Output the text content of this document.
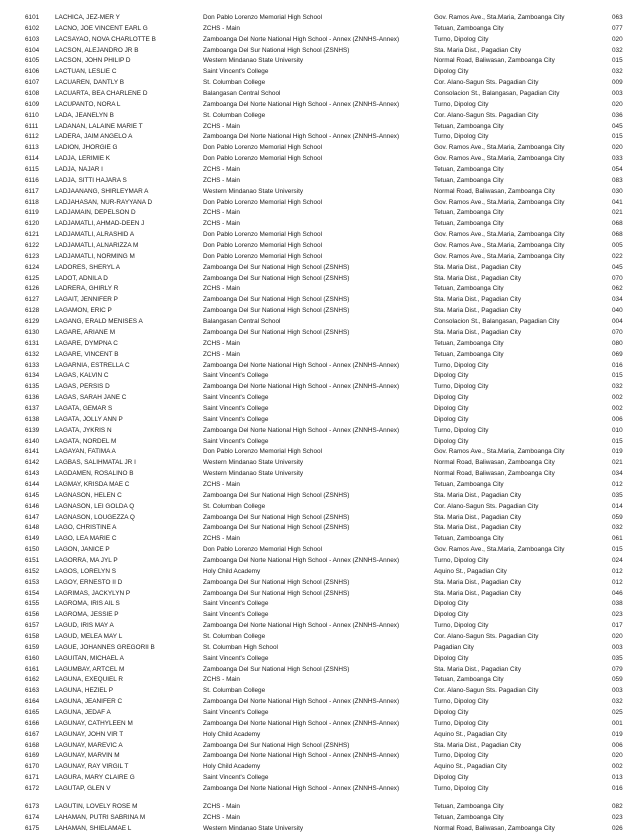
6101	LACHICA, JEZ-MER Y	Don Pablo Lorenzo Memorial High School	Gov. Ramos Ave., Sta.Maria, Zamboanga City	063
6102	LACNO, JOE VINCENT EARL G	ZCHS - Main	Tetuan, Zamboanga City	077
6103	LACSAYAO, NOVA CHARLOTTE B	Zamboanga Del Norte National High School - Annex (ZNNHS-Annex)	Turno, Dipolog City	020
6104	LACSON, ALEJANDRO JR B	Zamboanga Del Sur National High School (ZSNHS)	Sta. Maria Dist., Pagadian City	032
6105	LACSON, JOHN PHILIP D	Western Mindanao State University	Normal Road, Baliwasan, Zamboanga City	015
6106	LACTUAN, LESLIE C	Saint Vincent's College	Dipolog City	032
6107	LACUAREN, DANTLY B	St. Columban College	Cor. Alano-Sagun Sts. Pagadian City	009
6108	LACUARTA, BEA CHARLENE D	Balangasan Central School	Consolacion St., Balangasan, Pagadian City	003
6109	LACUPANTO, NORA L	Zamboanga Del Norte National High School - Annex (ZNNHS-Annex)	Turno, Dipolog City	020
6110	LADA, JEANELYN B	St. Columban College	Cor. Alano-Sagun Sts. Pagadian City	036
6111	LADANAN, LALAINE MARIE T	ZCHS - Main	Tetuan, Zamboanga City	045
6112	LADERA, JAIM ANGELO A	Zamboanga Del Norte National High School - Annex (ZNNHS-Annex)	Turno, Dipolog City	015
6113	LADION, JHORGIE G	Don Pablo Lorenzo Memorial High School	Gov. Ramos Ave., Sta.Maria, Zamboanga City	020
6114	LADJA, LERIMIE K	Don Pablo Lorenzo Memorial High School	Gov. Ramos Ave., Sta.Maria, Zamboanga City	033
6115	LADJA, NAJAR I	ZCHS - Main	Tetuan, Zamboanga City	054
6116	LADJA, SITTI HAJARA S	ZCHS - Main	Tetuan, Zamboanga City	083
6117	LADJAANANG, SHIRLEYMAR A	Western Mindanao State University	Normal Road, Baliwasan, Zamboanga City	030
6118	LADJAHASAN, NUR-RAYYANA D	Don Pablo Lorenzo Memorial High School	Gov. Ramos Ave., Sta.Maria, Zamboanga City	041
6119	LADJAMAIN, DEPELSON D	ZCHS - Main	Tetuan, Zamboanga City	021
6120	LADJAMATLI, AHMAD-DEEN J	ZCHS - Main	Tetuan, Zamboanga City	068
6121	LADJAMATLI, ALRASHID A	Don Pablo Lorenzo Memorial High School	Gov. Ramos Ave., Sta.Maria, Zamboanga City	068
6122	LADJAMATLI, ALNARIZZA M	Don Pablo Lorenzo Memorial High School	Gov. Ramos Ave., Sta.Maria, Zamboanga City	005
6123	LADJAMATLI, NORMING M	Don Pablo Lorenzo Memorial High School	Gov. Ramos Ave., Sta.Maria, Zamboanga City	022
6124	LADORES, SHERYL A	Zamboanga Del Sur National High School (ZSNHS)	Sta. Maria Dist., Pagadian City	045
6125	LADOT, ADNILA D	Zamboanga Del Sur National High School (ZSNHS)	Sta. Maria Dist., Pagadian City	070
6126	LADRERA, GHIRLY R	ZCHS - Main	Tetuan, Zamboanga City	062
6127	LAGAIT, JENNIFER P	Zamboanga Del Sur National High School (ZSNHS)	Sta. Maria Dist., Pagadian City	034
6128	LAGAMON, ERIC P	Zamboanga Del Sur National High School (ZSNHS)	Sta. Maria Dist., Pagadian City	040
6129	LAGANG, ERALD MENISES A	Balangasan Central School	Consolacion St., Balangasan, Pagadian City	004
6130	LAGARE, ARIANE M	Zamboanga Del Sur National High School (ZSNHS)	Sta. Maria Dist., Pagadian City	070
6131	LAGARE, DYMPNA C	ZCHS - Main	Tetuan, Zamboanga City	080
6132	LAGARE, VINCENT B	ZCHS - Main	Tetuan, Zamboanga City	069
6133	LAGARNIA, ESTRELLA C	Zamboanga Del Norte National High School - Annex (ZNNHS-Annex)	Turno, Dipolog City	016
6134	LAGAS, KALVIN C	Saint Vincent's College	Dipolog City	015
6135	LAGAS, PERSIS D	Zamboanga Del Norte National High School - Annex (ZNNHS-Annex)	Turno, Dipolog City	032
6136	LAGAS, SARAH JANE C	Saint Vincent's College	Dipolog City	002
6137	LAGATA, GEMAR S	Saint Vincent's College	Dipolog City	002
6138	LAGATA, JOLLY ANN P	Saint Vincent's College	Dipolog City	006
6139	LAGATA, JYKRIS N	Zamboanga Del Norte National High School - Annex (ZNNHS-Annex)	Turno, Dipolog City	010
6140	LAGATA, NORDEL M	Saint Vincent's College	Dipolog City	015
6141	LAGAYAN, FATIMA A	Don Pablo Lorenzo Memorial High School	Gov. Ramos Ave., Sta.Maria, Zamboanga City	019
6142	LAGBAS, SALIHMATAL JR I	Western Mindanao State University	Normal Road, Baliwasan, Zamboanga City	021
6143	LAGDAMEN, ROSALINO B	Western Mindanao State University	Normal Road, Baliwasan, Zamboanga City	034
6144	LAGMAY, KRISDA MAE C	ZCHS - Main	Tetuan, Zamboanga City	012
6145	LAGNASON, HELEN C	Zamboanga Del Sur National High School (ZSNHS)	Sta. Maria Dist., Pagadian City	035
6146	LAGNASON, LEI GOLDA Q	St. Columban College	Cor. Alano-Sagun Sts. Pagadian City	014
6147	LAGNASON, LOUGEZZA Q	Zamboanga Del Sur National High School (ZSNHS)	Sta. Maria Dist., Pagadian City	059
6148	LAGO, CHRISTINE A	Zamboanga Del Sur National High School (ZSNHS)	Sta. Maria Dist., Pagadian City	032
6149	LAGO, LEA MARIE C	ZCHS - Main	Tetuan, Zamboanga City	061
6150	LAGON, JANICE P	Don Pablo Lorenzo Memorial High School	Gov. Ramos Ave., Sta.Maria, Zamboanga City	015
6151	LAGORRA, MA JYL P	Zamboanga Del Norte National High School - Annex (ZNNHS-Annex)	Turno, Dipolog City	024
6152	LAGOS, LORELYN S	Holy Child Academy	Aquino St., Pagadian City	012
6153	LAGOY, ERNESTO II D	Zamboanga Del Sur National High School (ZSNHS)	Sta. Maria Dist., Pagadian City	012
6154	LAGRIMAS, JACKYLYN P	Zamboanga Del Sur National High School (ZSNHS)	Sta. Maria Dist., Pagadian City	046
6155	LAGROMA, IRIS AIL S	Saint Vincent's College	Dipolog City	038
6156	LAGROMA, JESSIE P	Saint Vincent's College	Dipolog City	023
6157	LAGUD, IRIS MAY A	Zamboanga Del Norte National High School - Annex (ZNNHS-Annex)	Turno, Dipolog City	017
6158	LAGUD, MELEA MAY L	St. Columban College	Cor. Alano-Sagun Sts. Pagadian City	020
6159	LAGUE, JOHANNES GREGORII B	St. Columban High School	Pagadian City	003
6160	LAGUITAN, MICHAEL A	Saint Vincent's College	Dipolog City	035
6161	LAGUMBAY, ARTCEL M	Zamboanga Del Sur National High School (ZSNHS)	Sta. Maria Dist., Pagadian City	079
6162	LAGUNA, EXEQUIEL R	ZCHS - Main	Tetuan, Zamboanga City	059
6163	LAGUNA, HEZIEL P	St. Columban College	Cor. Alano-Sagun Sts. Pagadian City	003
6164	LAGUNA, JEANIFER C	Zamboanga Del Norte National High School - Annex (ZNNHS-Annex)	Turno, Dipolog City	032
6165	LAGUNA, JEDAF A	Saint Vincent's College	Dipolog City	025
6166	LAGUNAY, CATHYLEEN M	Zamboanga Del Norte National High School - Annex (ZNNHS-Annex)	Turno, Dipolog City	001
6167	LAGUNAY, JOHN VIR T	Holy Child Academy	Aquino St., Pagadian City	019
6168	LAGUNAY, MAREVIC A	Zamboanga Del Sur National High School (ZSNHS)	Sta. Maria Dist., Pagadian City	006
6169	LAGUNAY, MARVIN M	Zamboanga Del Norte National High School - Annex (ZNNHS-Annex)	Turno, Dipolog City	020
6170	LAGUNAY, RAY VIRGIL T	Holy Child Academy	Aquino St., Pagadian City	002
6171	LAGURA, MARY CLAIRE G	Saint Vincent's College	Dipolog City	013
6172	LAGUTAP, GLEN V	Zamboanga Del Norte National High School - Annex (ZNNHS-Annex)	Turno, Dipolog City	016
6173	LAGUTIN, LOVELY ROSE M	ZCHS - Main	Tetuan, Zamboanga City	082
6174	LAHAMAN, PUTRI SABRINA M	ZCHS - Main	Tetuan, Zamboanga City	023
6175	LAHAMAN, SHIELAMAE L	Western Mindanao State University	Normal Road, Baliwasan, Zamboanga City	026
